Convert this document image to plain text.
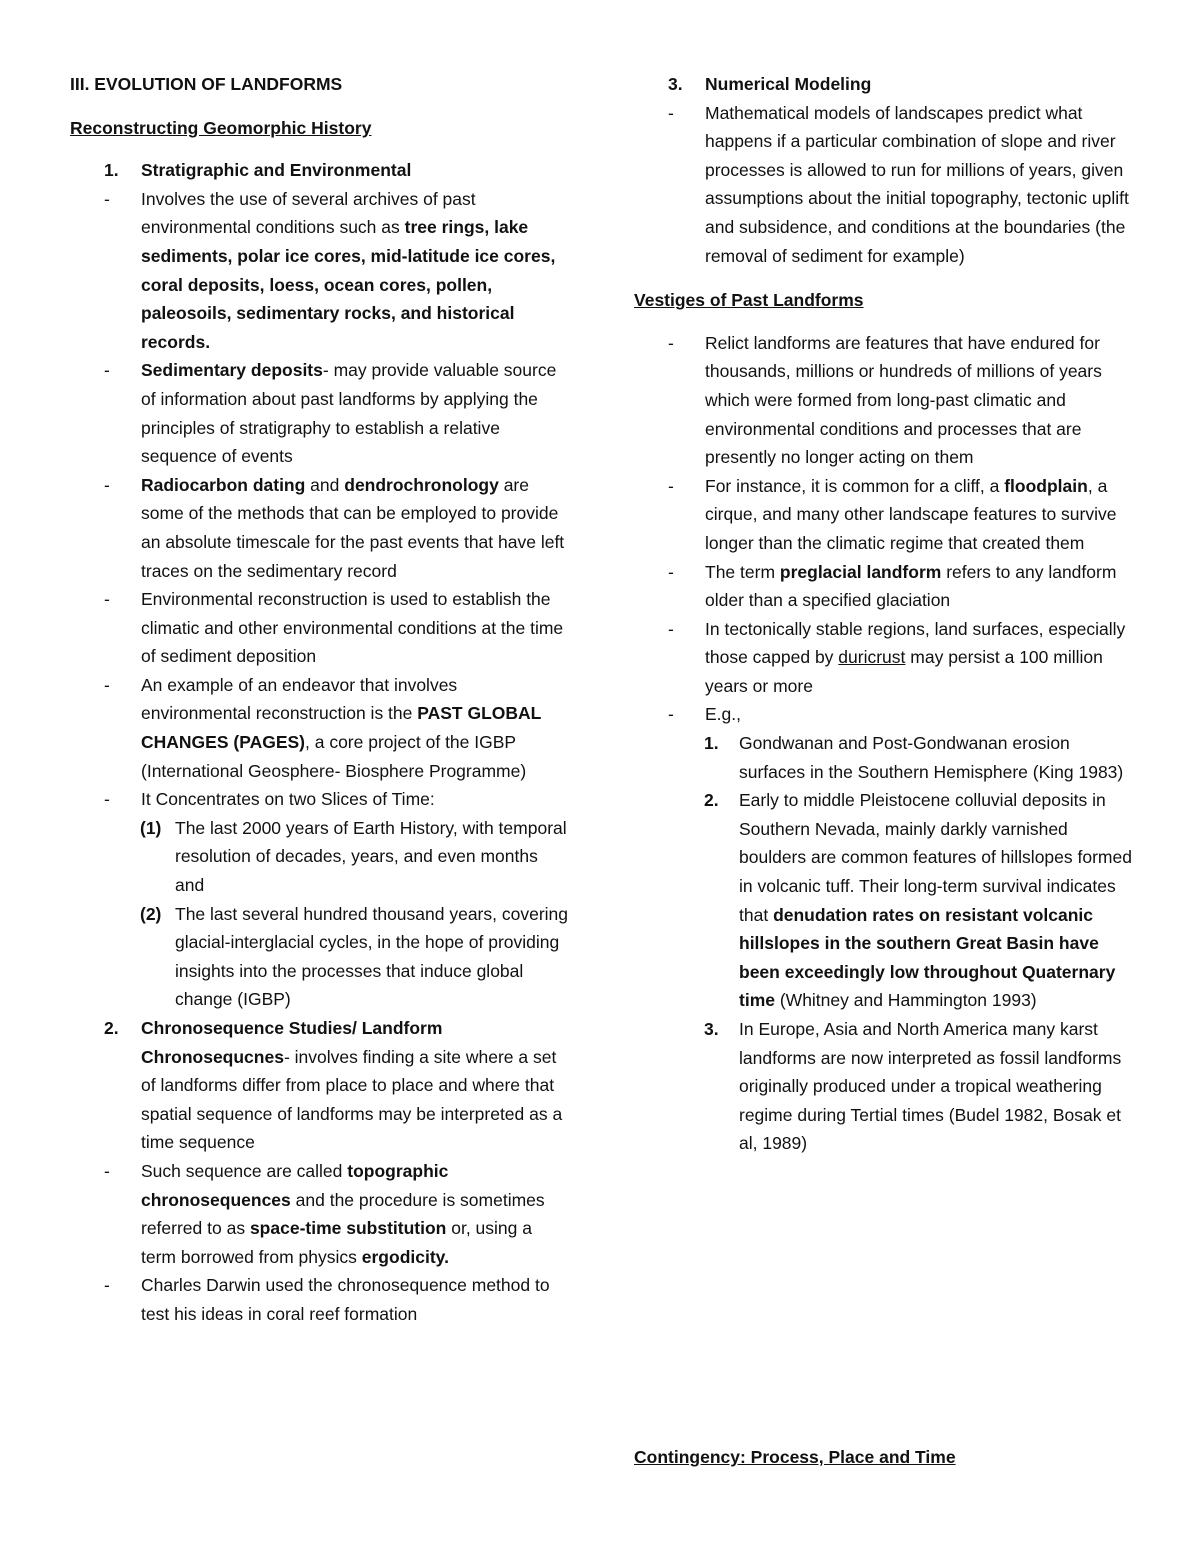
III. EVOLUTION OF LANDFORMS

Reconstructing Geomorphic History

1. Stratigraphic and Environmental
- Involves the use of several archives of past environmental conditions such as tree rings, lake sediments, polar ice cores, mid-latitude ice cores, coral deposits, loess, ocean cores, pollen, paleosoils, sedimentary rocks, and historical records.
- Sedimentary deposits- may provide valuable source of information about past landforms by applying the principles of stratigraphy to establish a relative sequence of events
- Radiocarbon dating and dendrochronology are some of the methods that can be employed to provide an absolute timescale for the past events that have left traces on the sedimentary record
- Environmental reconstruction is used to establish the climatic and other environmental conditions at the time of sediment deposition
- An example of an endeavor that involves environmental reconstruction is the PAST GLOBAL CHANGES (PAGES), a core project of the IGBP (International Geosphere- Biosphere Programme)
- It Concentrates on two Slices of Time:
(1) The last 2000 years of Earth History, with temporal resolution of decades, years, and even months and
(2) The last several hundred thousand years, covering glacial-interglacial cycles, in the hope of providing insights into the processes that induce global change (IGBP)
2. Chronosequence Studies/ Landform Chronosequcnes- involves finding a site where a set of landforms differ from place to place and where that spatial sequence of landforms may be interpreted as a time sequence
- Such sequence are called topographic chronosequences and the procedure is sometimes referred to as space-time substitution or, using a term borrowed from physics ergodicity.
- Charles Darwin used the chronosequence method to test his ideas in coral reef formation
3. Numerical Modeling
- Mathematical models of landscapes predict what happens if a particular combination of slope and river processes is allowed to run for millions of years, given assumptions about the initial topography, tectonic uplift and subsidence, and conditions at the boundaries (the removal of sediment for example)

Vestiges of Past Landforms

- Relict landforms are features that have endured for thousands, millions or hundreds of millions of years which were formed from long-past climatic and environmental conditions and processes that are presently no longer acting on them
- For instance, it is common for a cliff, a floodplain, a cirque, and many other landscape features to survive longer than the climatic regime that created them
- The term preglacial landform refers to any landform older than a specified glaciation
- In tectonically stable regions, land surfaces, especially those capped by duricrust may persist a 100 million years or more
- E.g.,
1. Gondwanan and Post-Gondwanan erosion surfaces in the Southern Hemisphere (King 1983)
2. Early to middle Pleistocene colluvial deposits in Southern Nevada, mainly darkly varnished boulders are common features of hillslopes formed in volcanic tuff. Their long-term survival indicates that denudation rates on resistant volcanic hillslopes in the southern Great Basin have been exceedingly low throughout Quaternary time (Whitney and Hammington 1993)
3. In Europe, Asia and North America many karst landforms are now interpreted as fossil landforms originally produced under a tropical weathering regime during Tertial times (Budel 1982, Bosak et al, 1989)

Contingency: Process, Place and Time
